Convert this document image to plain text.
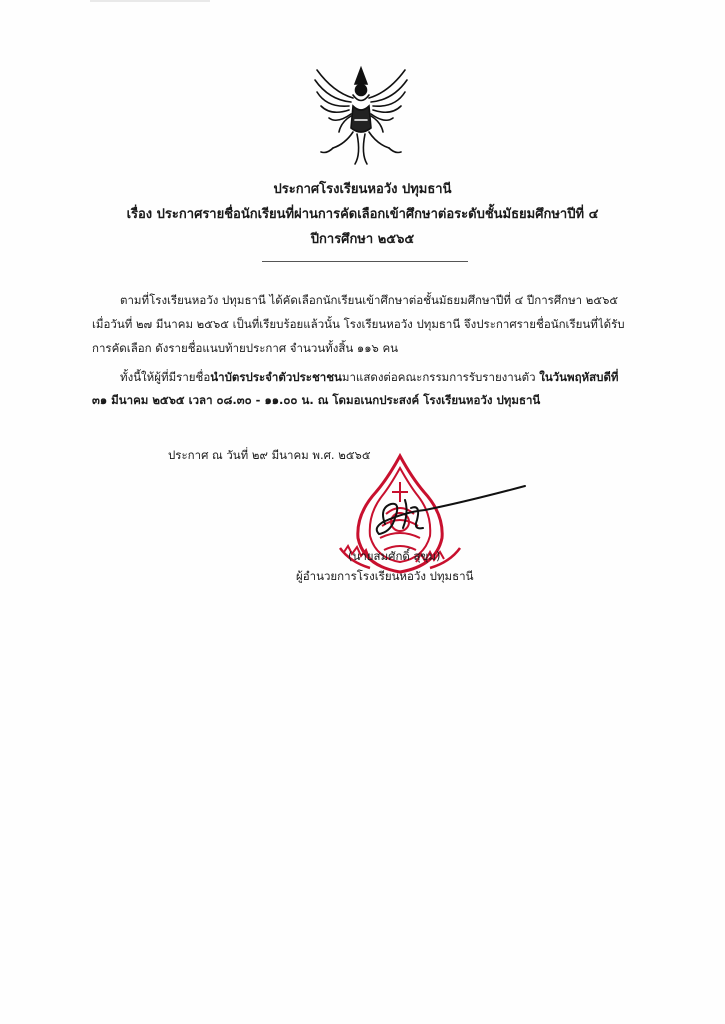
ประกาศโรงเรียนหอวัง ปทุมธานี
เรื่อง ประกาศรายชื่อนักเรียนที่ผ่านการคัดเลือกเข้าศึกษาต่อระดับชั้นมัธยมศึกษาปีที่ ๔
ปีการศึกษา ๒๕๖๕
ตามที่โรงเรียนหอวัง ปทุมธานี ได้คัดเลือกนักเรียนเข้าศึกษาต่อชั้นมัธยมศึกษาปีที่ ๔ ปีการศึกษา ๒๕๖๕
เมื่อวันที่ ๒๗ มีนาคม ๒๕๖๕ เป็นที่เรียบร้อยแล้วนั้น โรงเรียนหอวัง ปทุมธานี จึงประกาศรายชื่อนักเรียนที่ได้รับ
การคัดเลือก ดังรายชื่อแนบท้ายประกาศ จำนวนทั้งสิ้น ๑๑๖ คน
ทั้งนี้ให้ผู้ที่มีรายชื่อนำบัตรประจำตัวประชาชนมาแสดงต่อคณะกรรมการรับรายงานตัว ในวันพฤหัสบดีที่
๓๑ มีนาคม ๒๕๖๕ เวลา ๐๘.๓๐ - ๑๑.๐๐ น. ณ โดมอเนกประสงค์ โรงเรียนหอวัง ปทุมธานี
ประกาศ ณ วันที่ ๒๙ มีนาคม พ.ศ. ๒๕๖๕
(นายสมศักดิ์ สุขุม)
ผู้อำนวยการโรงเรียนหอวัง ปทุมธานี
